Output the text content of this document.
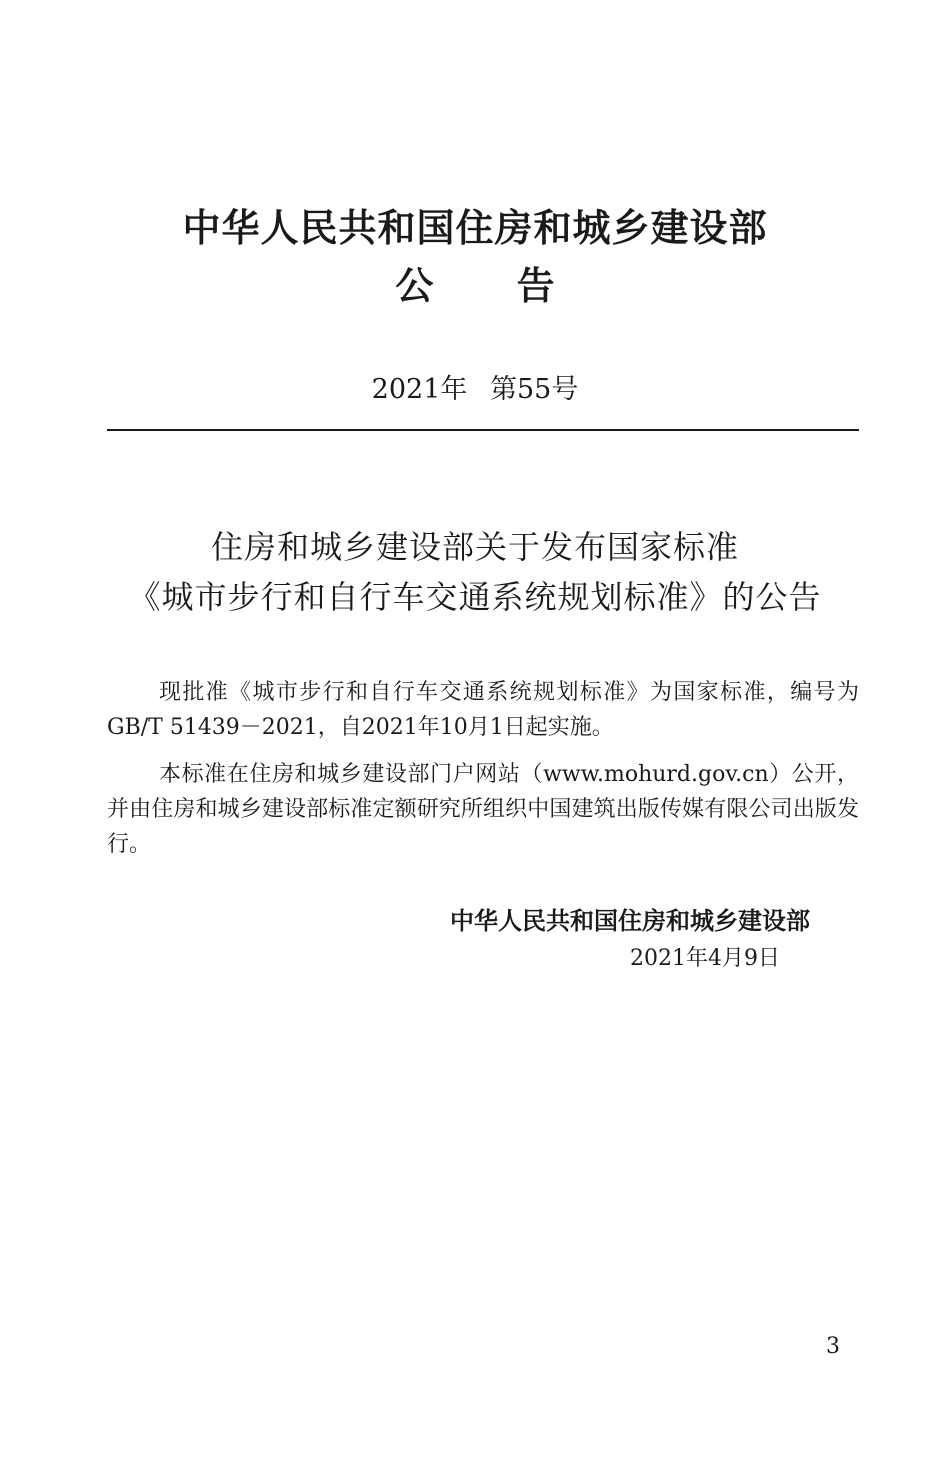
中华人民共和国住房和城乡建设部
公 告
2021年 第55号
住房和城乡建设部关于发布国家标准
《城市步行和自行车交通系统规划标准》的公告

现批准《城市步行和自行车交通系统规划标准》为国家标准，编号为GB/T 51439－2021，自2021年10月1日起实施。

本标准在住房和城乡建设部门户网站（www.mohurd.gov.cn）公开，并由住房和城乡建设部标准定额研究所组织中国建筑出版传媒有限公司出版发行。

中华人民共和国住房和城乡建设部
2021年4月9日
3
